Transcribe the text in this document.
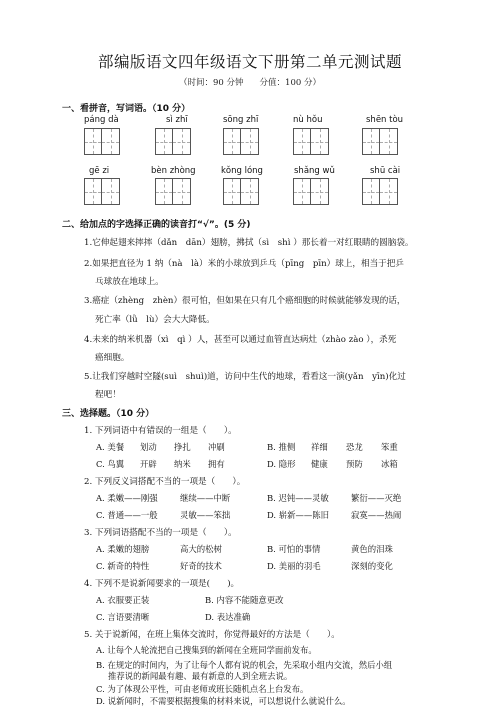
部编版语文四年级语文下册第二单元测试题
（时间：90 分钟 分值：100 分）
一、看拼音，写词语。（10 分）
páng dà	sì zhī	sōng zhī	nù hǒu	shēn tòu
gē zi	bèn zhòng	kǒng lóng	shǎng wǔ	shū cài
二、给加点的字选择正确的读音打“√”。(5 分)
1.它伸起翅来摔摔（dǎn　dān）翅膀，拂拭（sì　shì ）那长着一对红眼睛的圆脑袋。
2.如果把直径为 1 纳（nà　là）米的小球放到乒乓（pīng　pīn）球上，相当于把乒
乓球放在地球上。
3.癌症（zhèng　zhèn）很可怕，但如果在只有几个癌细胞的时候就能够发现的话，
死亡率（lǜ　lù）会大大降低。
4.未来的纳米机器（xì　qì ）人，甚至可以通过血管直达病灶（zhào zào ），杀死
癌细胞。
5.让我们穿越时空隧(suì　shuì)道，访问中生代的地球，看看这一演(yǎn　yīn)化过
程吧！
三、选择题。（10 分）
1. 下列词语中有错误的一组是（　　）。
A. 美餐 划动 挣扎 冲刷	B. 推侧 祥细 恐龙 笨重
C. 鸟翼 开辟 纳米 拥有	D. 隐形 健康 预防 冰箱
2. 下列反义词搭配不当的一项是（　　）。
A. 柔嫩——刚强	继续——中断	B. 迟钝——灵敏	繁衍——灭绝
C. 普通——一般	灵敏——笨拙	D. 崭新——陈旧	寂寞——热闹
3. 下列词语搭配不当的一项是（　　）。
A. 柔嫩的翅膀	高大的松树	B. 可怕的事情	黄色的泪珠
C. 新奇的特性	好奇的技术	D. 美丽的羽毛	深刻的变化
4. 下列不是说新闻要求的一项是(　　)。
A. 衣服要正装	B. 内容不能随意更改
C. 言语要清晰	D. 表达准确
5. 关于说新闻，在班上集体交流时，你觉得最好的方法是（　　）。
A. 让每个人轮流把自己搜集到的新闻在全班同学面前发布。
B. 在规定的时间内，为了让每个人都有说的机会，先采取小组内交流，然后小组
推荐说的新闻最有趣、最有新意的人到全班去说。
C. 为了体现公平性，可由老师或班长随机点名上台发布。
D. 说新闻时，不需要根据搜集的材料来说，可以想说什么就说什么。
